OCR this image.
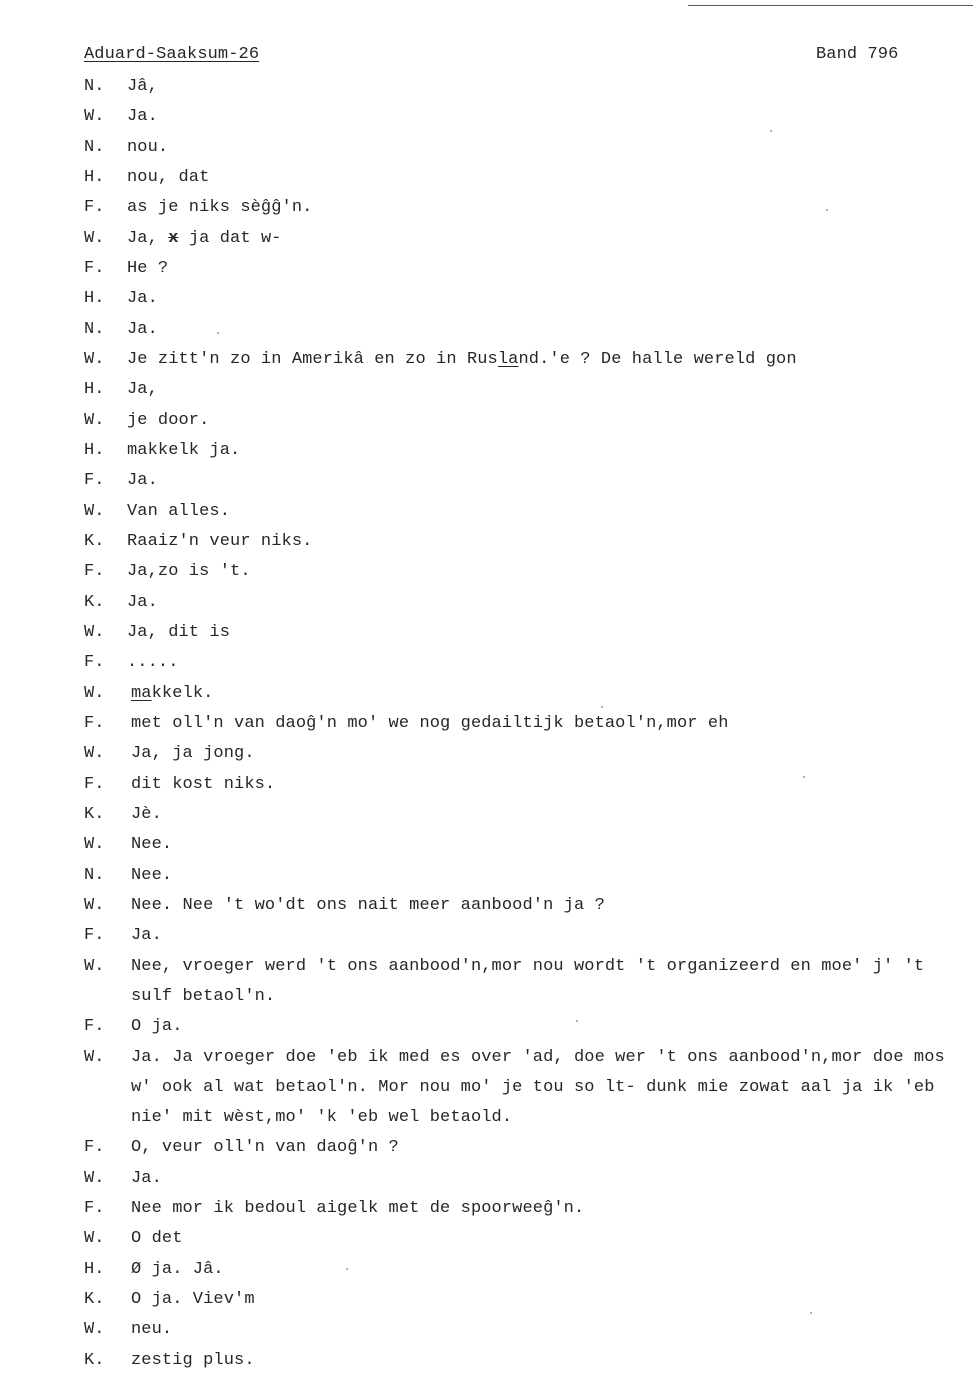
Aduard-Saaksum-26

	Band 796

N. Jâ,
W. Ja.
N. nou.
H. nou, dat
F. as je niks sèĝĝ'n.
W. Ja, x ja dat w-
F. He ?
H. Ja.
N. Ja.
W. Je zitt'n zo in Amerikâ en zo in Rusland.'e ? De halle wereld gon
H. Ja,
W. je door.
H. makkelk ja.
F. Ja.
W. Van alles.
K. Raaiz'n veur niks.
F. Ja,zo is 't.
K. Ja.
W. Ja, dit is
F. .....
W. makkelk.
F. met oll'n van daoĝ'n mo' we nog gedailtijk betaol'n,mor eh
W. Ja, ja jong.
F. dit kost niks.
K. Jè.
W. Nee.
N. Nee.
W. Nee. Nee 't wo'dt ons nait meer aanbood'n ja ?
F. Ja.
W. Nee, vroeger werd 't ons aanbood'n,mor nou wordt 't organizeerd en moe' j' 't
sulf betaol'n.
F. O ja.
W. Ja. Ja vroeger doe 'eb ik med es over 'ad, doe wer 't ons aanbood'n,mor doe mos
w' ook al wat betaol'n. Mor nou mo' je tou so lt- dunk mie zowat aal ja ik 'eb
nie' mit wèst,mo' 'k 'eb wel betaold.
F. O, veur oll'n van daoĝ'n ?
W. Ja.
F. Nee mor ik bedoul aigelk met de spoorweeĝ'n.
W. O det
H. Ø ja. Jâ.
K. O ja. Viev'm
W. neu.
K. zestig plus.
